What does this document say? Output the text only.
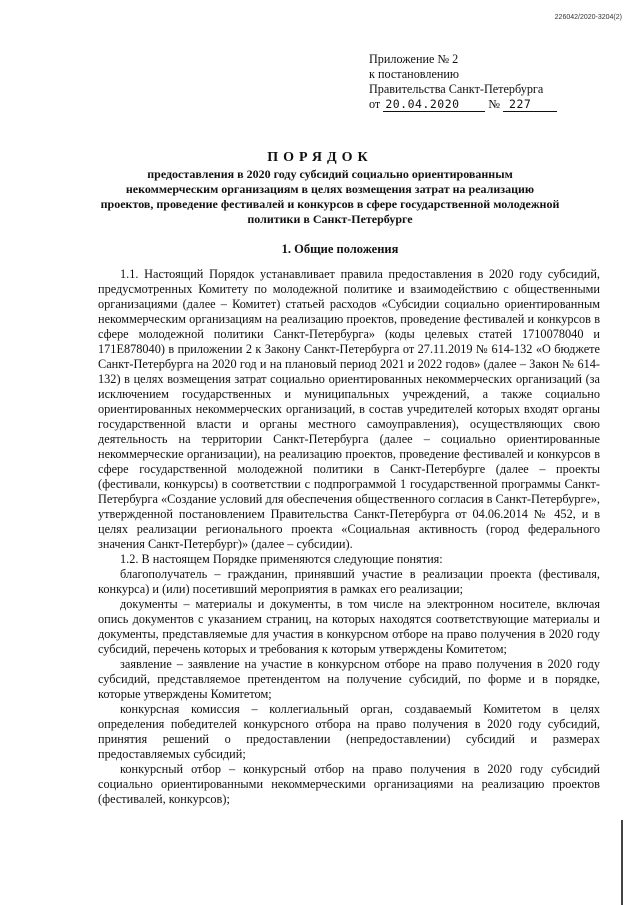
226042/2020-3204(2)
Приложение № 2
к постановлению
Правительства Санкт-Петербурга
от 20.04.2020 № 227
ПОРЯДОК
предоставления в 2020 году субсидий социально ориентированным некоммерческим организациям в целях возмещения затрат на реализацию проектов, проведение фестивалей и конкурсов в сфере государственной молодежной политики в Санкт-Петербурге
1. Общие положения

1.1. Настоящий Порядок устанавливает правила предоставления в 2020 году субсидий, предусмотренных Комитету по молодежной политике и взаимодействию с общественными организациями (далее – Комитет) статьей расходов «Субсидии социально ориентированным некоммерческим организациям на реализацию проектов, проведение фестивалей и конкурсов в сфере молодежной политики Санкт-Петербурга» (коды целевых статей 1710078040 и 171Е878040) в приложении 2 к Закону Санкт-Петербурга от 27.11.2019 № 614-132 «О бюджете Санкт-Петербурга на 2020 год и на плановый период 2021 и 2022 годов» (далее – Закон № 614-132) в целях возмещения затрат социально ориентированных некоммерческих организаций (за исключением государственных и муниципальных учреждений, а также социально ориентированных некоммерческих организаций, в состав учредителей которых входят органы государственной власти и органы местного самоуправления), осуществляющих свою деятельность на территории Санкт-Петербурга (далее – социально ориентированные некоммерческие организации), на реализацию проектов, проведение фестивалей и конкурсов в сфере государственной молодежной политики в Санкт-Петербурге (далее – проекты (фестивали, конкурсы) в соответствии с подпрограммой 1 государственной программы Санкт-Петербурга «Создание условий для обеспечения общественного согласия в Санкт-Петербурге», утвержденной постановлением Правительства Санкт-Петербурга от 04.06.2014 № 452, и в целях реализации регионального проекта «Социальная активность (город федерального значения Санкт-Петербург)» (далее – субсидии).

1.2. В настоящем Порядке применяются следующие понятия:

благополучатель – гражданин, принявший участие в реализации проекта (фестиваля, конкурса) и (или) посетивший мероприятия в рамках его реализации;

документы – материалы и документы, в том числе на электронном носителе, включая опись документов с указанием страниц, на которых находятся соответствующие материалы и документы, представляемые для участия в конкурсном отборе на право получения в 2020 году субсидий, перечень которых и требования к которым утверждены Комитетом;

заявление – заявление на участие в конкурсном отборе на право получения в 2020 году субсидий, представляемое претендентом на получение субсидий, по форме и в порядке, которые утверждены Комитетом;

конкурсная комиссия – коллегиальный орган, создаваемый Комитетом в целях определения победителей конкурсного отбора на право получения в 2020 году субсидий, принятия решений о предоставлении (непредоставлении) субсидий и размерах предоставляемых субсидий;

конкурсный отбор – конкурсный отбор на право получения в 2020 году субсидий социально ориентированными некоммерческими организациями на реализацию проектов (фестивалей, конкурсов);
